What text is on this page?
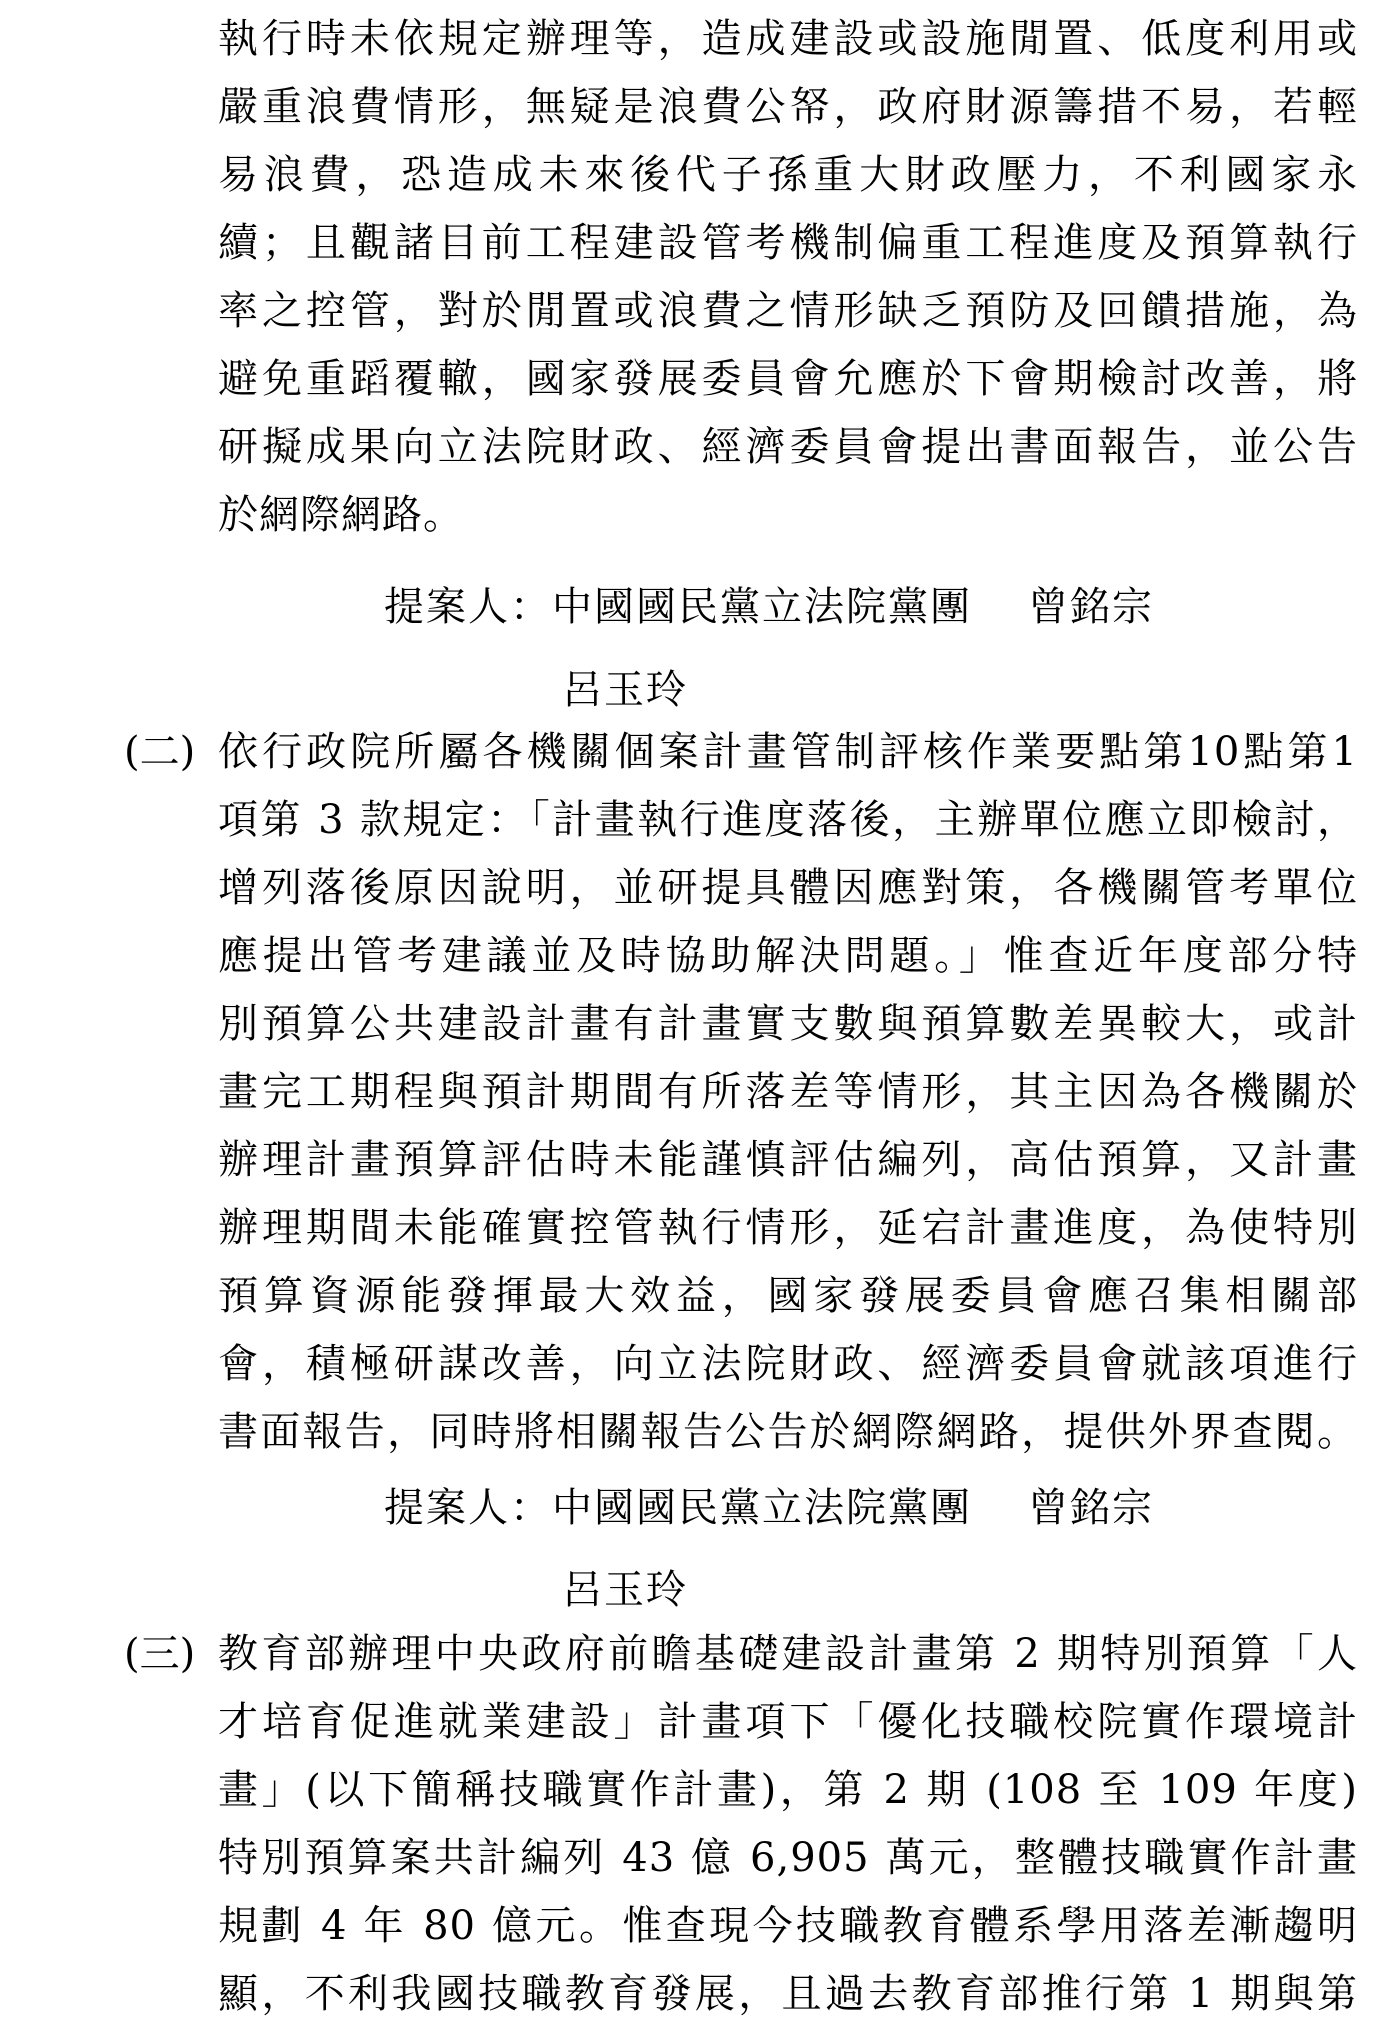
執行時未依規定辦理等，造成建設或設施閒置、低度利用或
嚴重浪費情形，無疑是浪費公帑，政府財源籌措不易，若輕
易浪費，恐造成未來後代子孫重大財政壓力，不利國家永
續；且觀諸目前工程建設管考機制偏重工程進度及預算執行
率之控管，對於閒置或浪費之情形缺乏預防及回饋措施，為
避免重蹈覆轍，國家發展委員會允應於下會期檢討改善，將
研擬成果向立法院財政、經濟委員會提出書面報告，並公告
於網際網路。
提案人：中國國民黨立法院黨團 曾銘宗
呂玉玲
(二) 依行政院所屬各機關個案計畫管制評核作業要點第10點第1
項第 3 款規定：「計畫執行進度落後，主辦單位應立即檢討，
增列落後原因說明，並研提具體因應對策，各機關管考單位
應提出管考建議並及時協助解決問題。」惟查近年度部分特
別預算公共建設計畫有計畫實支數與預算數差異較大，或計
畫完工期程與預計期間有所落差等情形，其主因為各機關於
辦理計畫預算評估時未能謹慎評估編列，高估預算，又計畫
辦理期間未能確實控管執行情形，延宕計畫進度，為使特別
預算資源能發揮最大效益，國家發展委員會應召集相關部
會，積極研謀改善，向立法院財政、經濟委員會就該項進行
書面報告，同時將相關報告公告於網際網路，提供外界查閱。
提案人：中國國民黨立法院黨團 曾銘宗
呂玉玲
(三) 教育部辦理中央政府前瞻基礎建設計畫第 2 期特別預算「人
才培育促進就業建設」計畫項下「優化技職校院實作環境計
畫」(以下簡稱技職實作計畫)，第 2 期 (108 至 109 年度)
特別預算案共計編列 43 億 6,905 萬元，整體技職實作計畫
規劃 4 年 80 億元。惟查現今技職教育體系學用落差漸趨明
顯，不利我國技職教育發展，且過去教育部推行第 1 期與第
